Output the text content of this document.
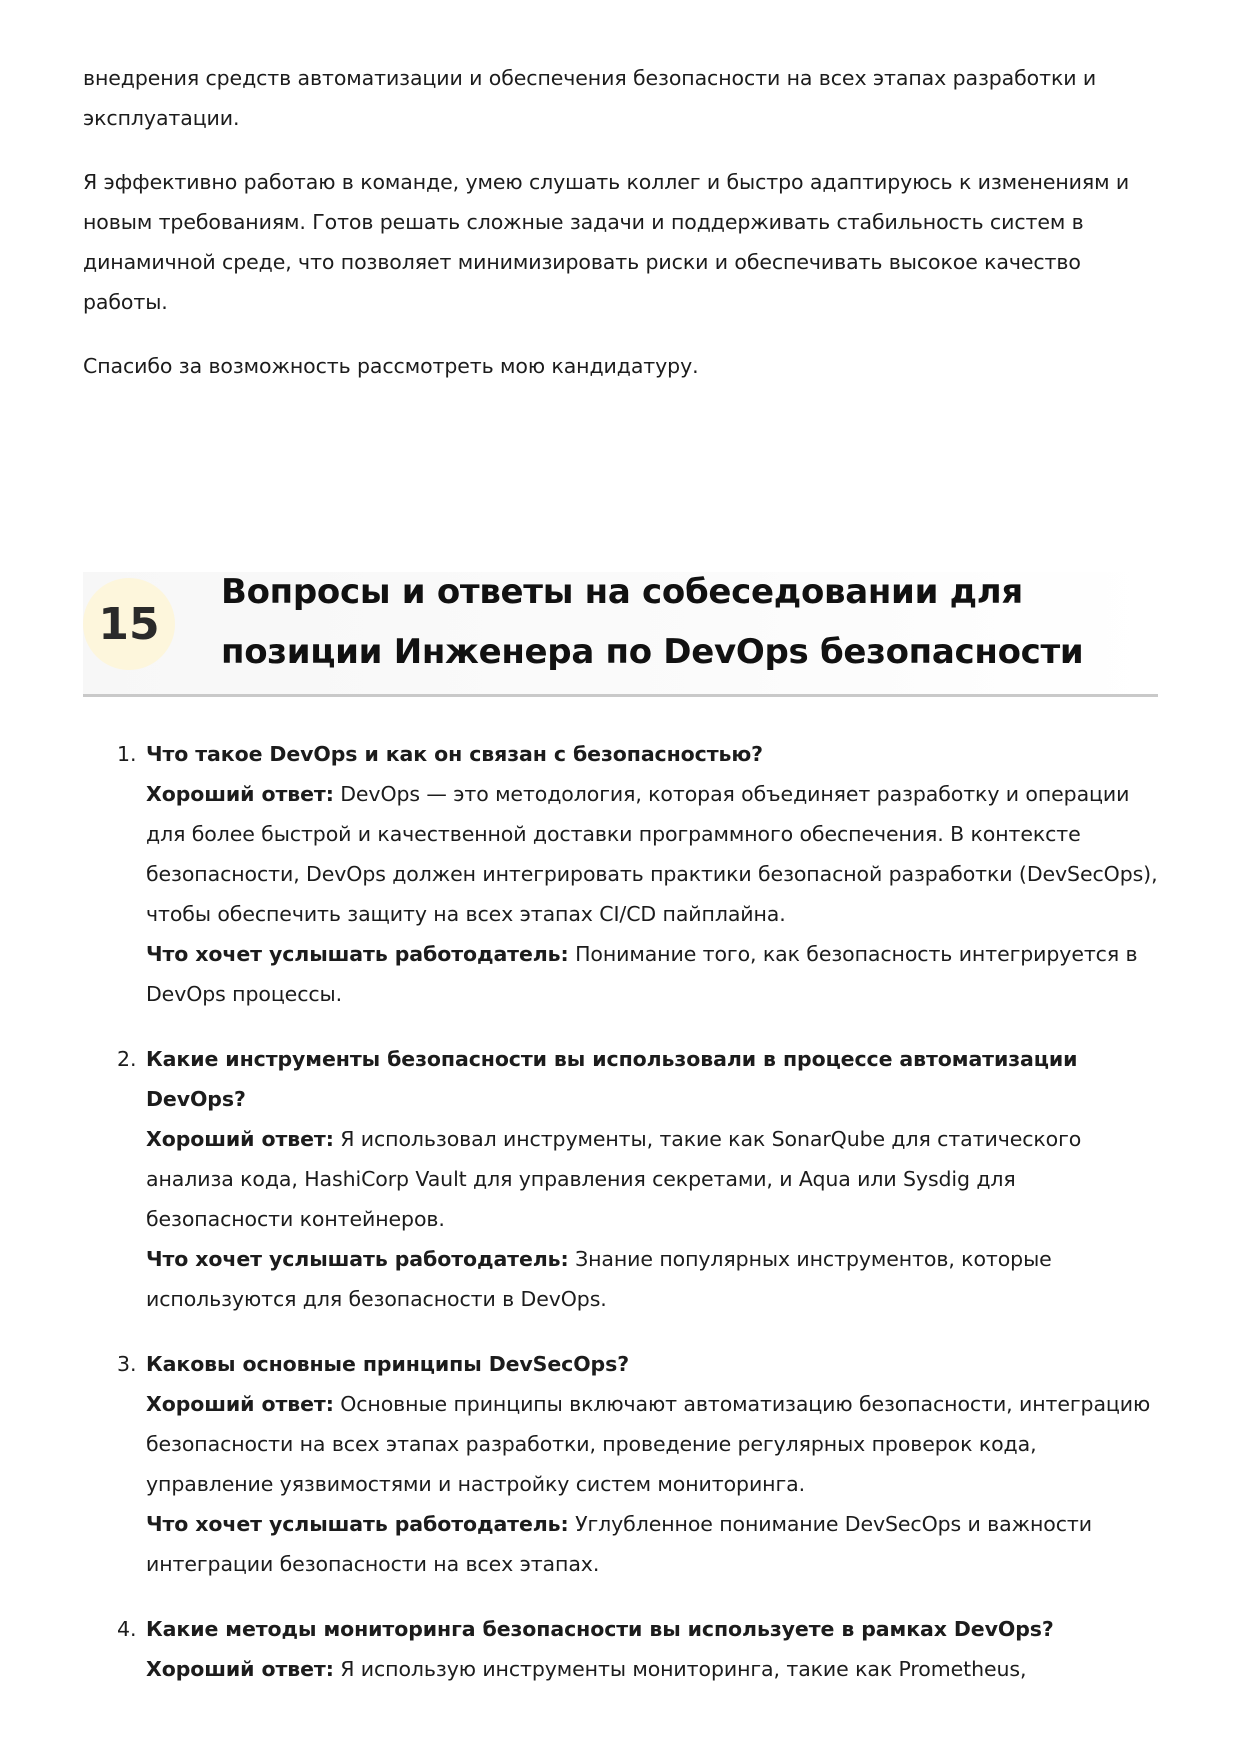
внедрения средств автоматизации и обеспечения безопасности на всех этапах разработки и эксплуатации.

Я эффективно работаю в команде, умею слушать коллег и быстро адаптируюсь к изменениям и новым требованиям. Готов решать сложные задачи и поддерживать стабильность систем в динамичной среде, что позволяет минимизировать риски и обеспечивать высокое качество работы.

Спасибо за возможность рассмотреть мою кандидатуру.

15
Вопросы и ответы на собеседовании для позиции Инженера по DevOps безопасности
1. Что такое DevOps и как он связан с безопасностью?
Хороший ответ: DevOps — это методология, которая объединяет разработку и операции для более быстрой и качественной доставки программного обеспечения. В контексте безопасности, DevOps должен интегрировать практики безопасной разработки (DevSecOps), чтобы обеспечить защиту на всех этапах CI/CD пайплайна.
Что хочет услышать работодатель: Понимание того, как безопасность интегрируется в DevOps процессы.
2. Какие инструменты безопасности вы использовали в процессе автоматизации DevOps?
Хороший ответ: Я использовал инструменты, такие как SonarQube для статического анализа кода, HashiCorp Vault для управления секретами, и Aqua или Sysdig для безопасности контейнеров.
Что хочет услышать работодатель: Знание популярных инструментов, которые используются для безопасности в DevOps.
3. Каковы основные принципы DevSecOps?
Хороший ответ: Основные принципы включают автоматизацию безопасности, интеграцию безопасности на всех этапах разработки, проведение регулярных проверок кода, управление уязвимостями и настройку систем мониторинга.
Что хочет услышать работодатель: Углубленное понимание DevSecOps и важности интеграции безопасности на всех этапах.
4. Какие методы мониторинга безопасности вы используете в рамках DevOps?
Хороший ответ: Я использую инструменты мониторинга, такие как Prometheus,
